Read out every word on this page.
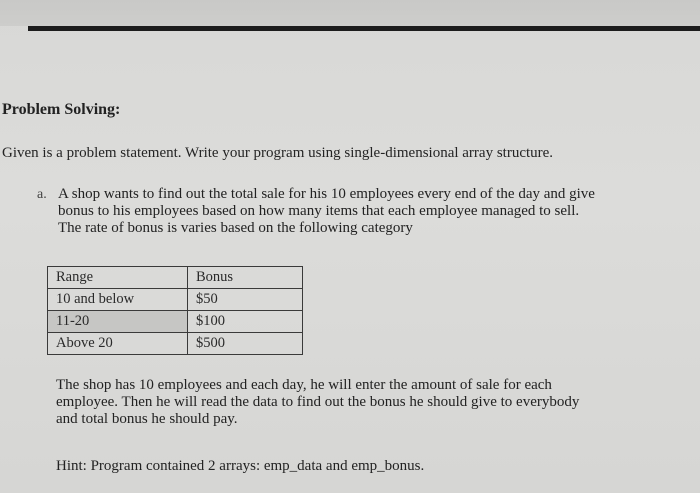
Problem Solving:
Given is a problem statement. Write your program using single-dimensional array structure.
a. A shop wants to find out the total sale for his 10 employees every end of the day and give
bonus to his employees based on how many items that each employee managed to sell.
The rate of bonus is varies based on the following category

Range	Bonus
10 and below	$50
11-20	$100
Above 20	$500

The shop has 10 employees and each day, he will enter the amount of sale for each
employee. Then he will read the data to find out the bonus he should give to everybody
and total bonus he should pay.

Hint: Program contained 2 arrays: emp_data and emp_bonus.
